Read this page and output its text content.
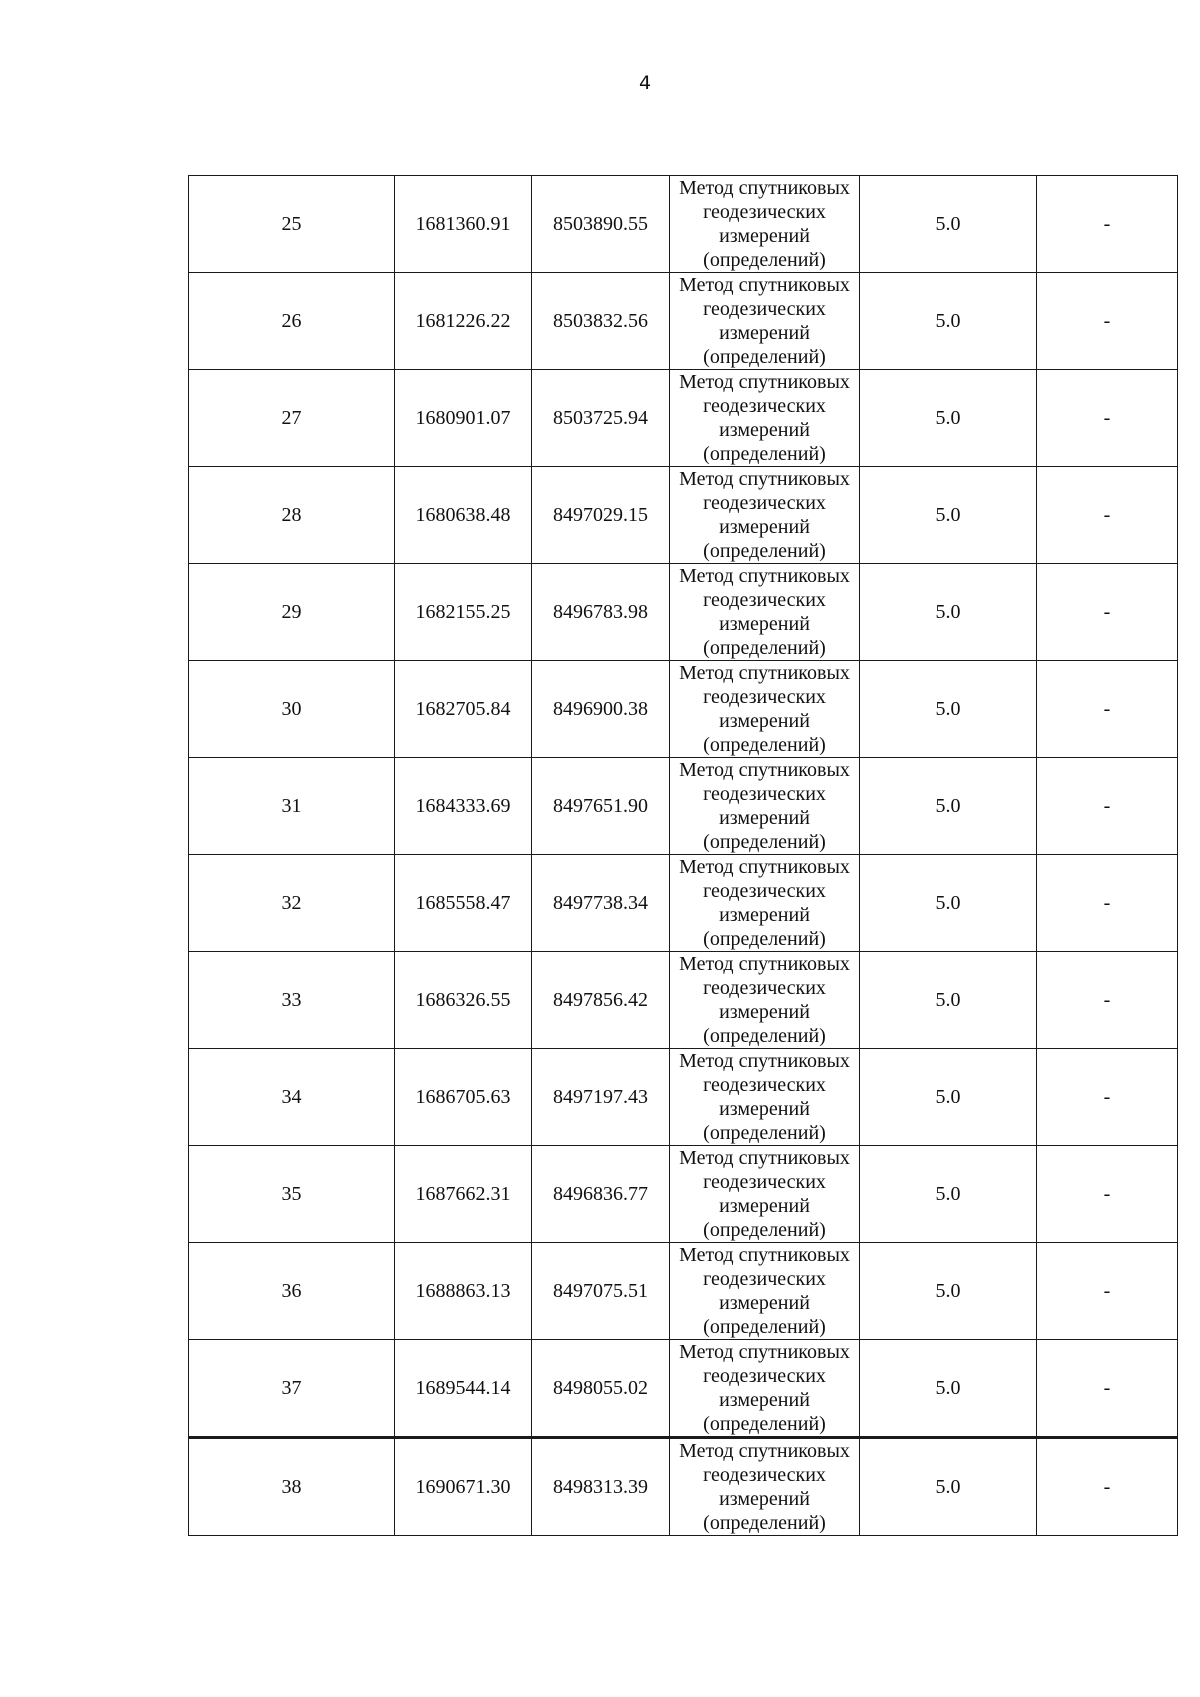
4
25	1681360.91	8503890.55	Метод спутниковых
геодезических
измерений
(определений)	5.0	-
26	1681226.22	8503832.56	Метод спутниковых
геодезических
измерений
(определений)	5.0	-
27	1680901.07	8503725.94	Метод спутниковых
геодезических
измерений
(определений)	5.0	-
28	1680638.48	8497029.15	Метод спутниковых
геодезических
измерений
(определений)	5.0	-
29	1682155.25	8496783.98	Метод спутниковых
геодезических
измерений
(определений)	5.0	-
30	1682705.84	8496900.38	Метод спутниковых
геодезических
измерений
(определений)	5.0	-
31	1684333.69	8497651.90	Метод спутниковых
геодезических
измерений
(определений)	5.0	-
32	1685558.47	8497738.34	Метод спутниковых
геодезических
измерений
(определений)	5.0	-
33	1686326.55	8497856.42	Метод спутниковых
геодезических
измерений
(определений)	5.0	-
34	1686705.63	8497197.43	Метод спутниковых
геодезических
измерений
(определений)	5.0	-
35	1687662.31	8496836.77	Метод спутниковых
геодезических
измерений
(определений)	5.0	-
36	1688863.13	8497075.51	Метод спутниковых
геодезических
измерений
(определений)	5.0	-
37	1689544.14	8498055.02	Метод спутниковых
геодезических
измерений
(определений)	5.0	-
38	1690671.30	8498313.39	Метод спутниковых
геодезических
измерений
(определений)	5.0	-
